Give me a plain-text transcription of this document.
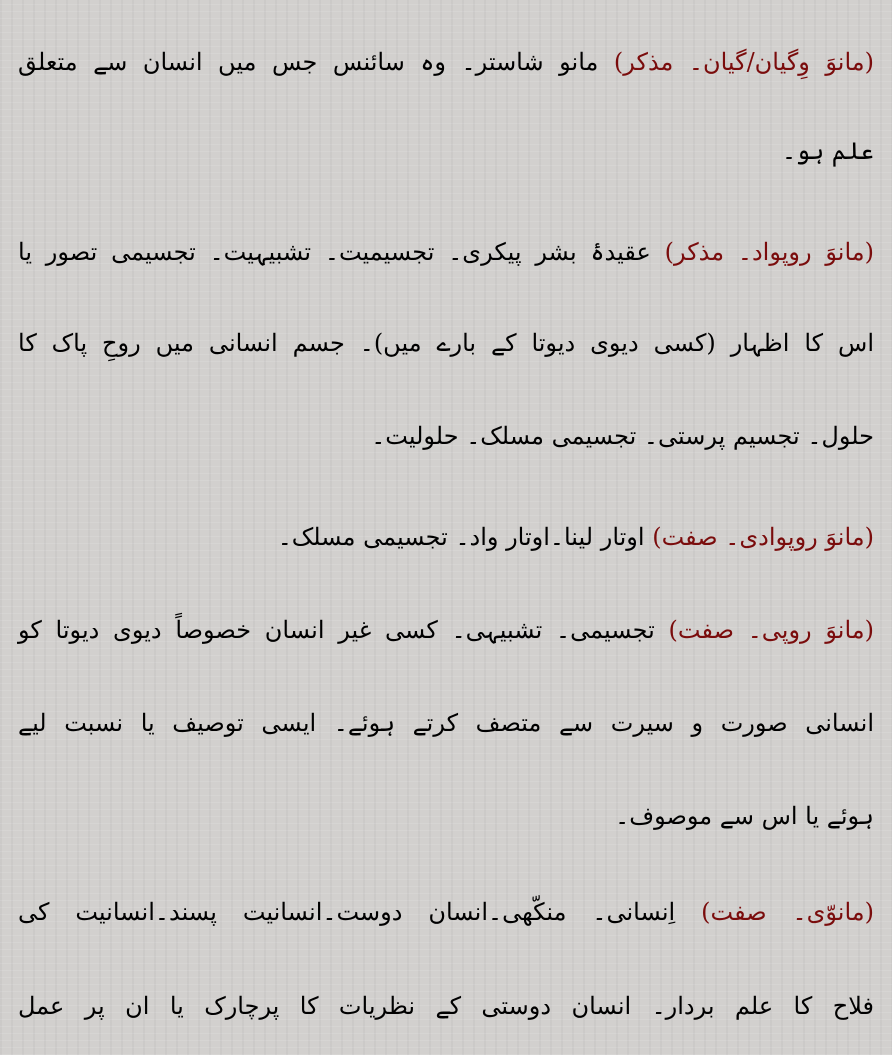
(مانوَ وِگیان/گیان۔ مذکر) مانو شاستر۔ وہ سائنس جس میں انسان سے متعلق
علم ہو۔
(مانوَ روپواد۔ مذکر) عقیدۂ بشر پیکری۔ تجسیمیت۔ تشبیہیت۔ تجسیمی تصور یا
اس کا اظہار (کسی دیوی دیوتا کے بارے میں)۔ جسم انسانی میں روحِ پاک کا
حلول۔ تجسیم پرستی۔ تجسیمی مسلک۔ حلولیت۔
(مانوَ روپوادی۔ صفت) اوتار لینا۔اوتار واد۔ تجسیمی مسلک۔
(مانوَ روپی۔ صفت) تجسیمی۔ تشبیہی۔ کسی غیر انسان خصوصاً دیوی دیوتا کو
انسانی صورت و سیرت سے متصف کرتے ہوئے۔ ایسی توصیف یا نسبت لیے
ہوئے یا اس سے موصوف۔
(مانوّی۔ صفت) اِنسانی۔ منکّھی۔انسان دوست۔انسانیت پسند۔انسانیت کی
فلاح کا علم بردار۔ انسان دوستی کے نظریات کا پرچارک یا ان پر عمل
